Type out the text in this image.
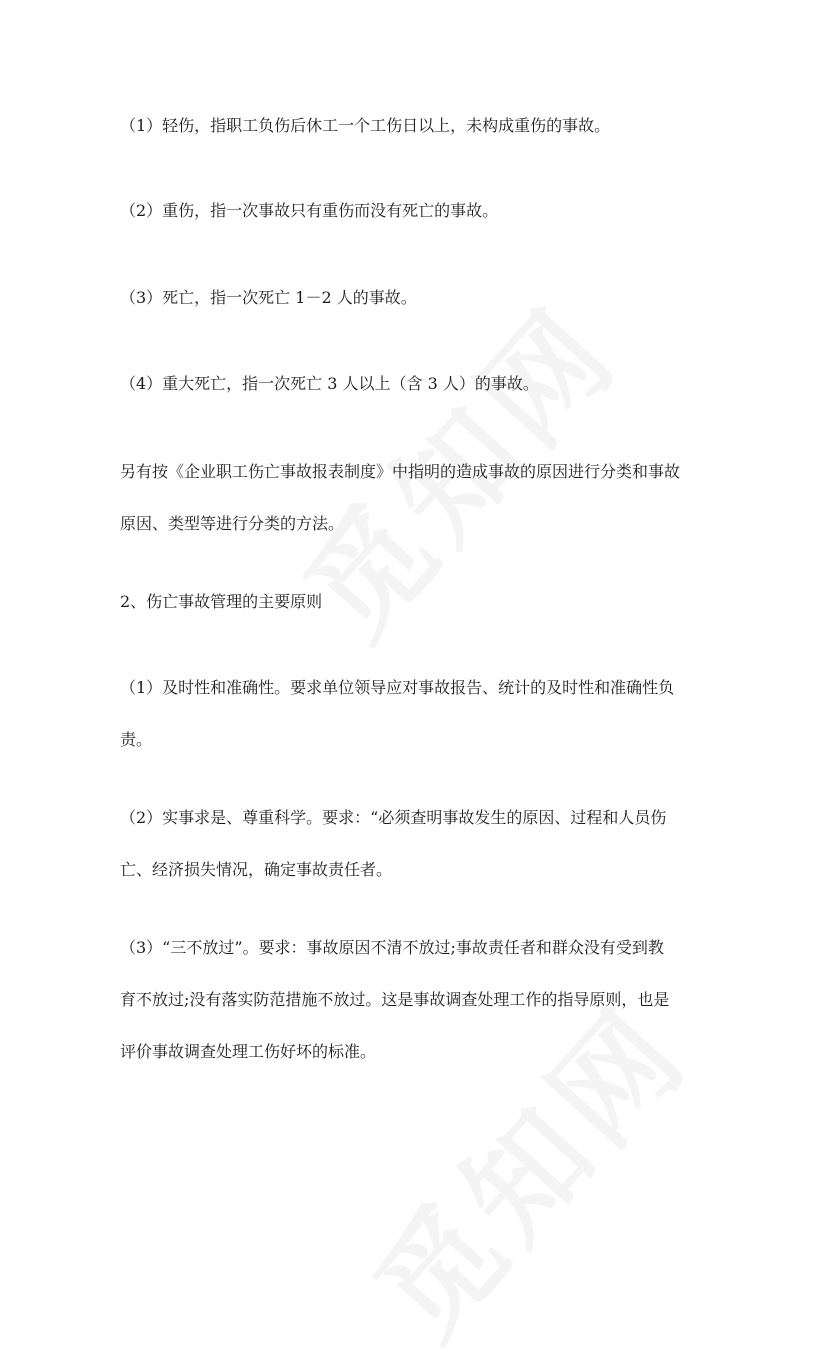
（1）轻伤，指职工负伤后休工一个工伤日以上，未构成重伤的事故。

（2）重伤，指一次事故只有重伤而没有死亡的事故。

（3）死亡，指一次死亡 1－2 人的事故。

（4）重大死亡，指一次死亡 3 人以上（含 3 人）的事故。

另有按《企业职工伤亡事故报表制度》中指明的造成事故的原因进行分类和事故
原因、类型等进行分类的方法。

2、伤亡事故管理的主要原则

（1）及时性和准确性。要求单位领导应对事故报告、统计的及时性和准确性负
责。

（2）实事求是、尊重科学。要求：“必须查明事故发生的原因、过程和人员伤
亡、经济损失情况，确定事故责任者。

（3）“三不放过”。要求：事故原因不清不放过;事故责任者和群众没有受到教
育不放过;没有落实防范措施不放过。这是事故调查处理工作的指导原则，也是
评价事故调查处理工伤好坏的标准。
